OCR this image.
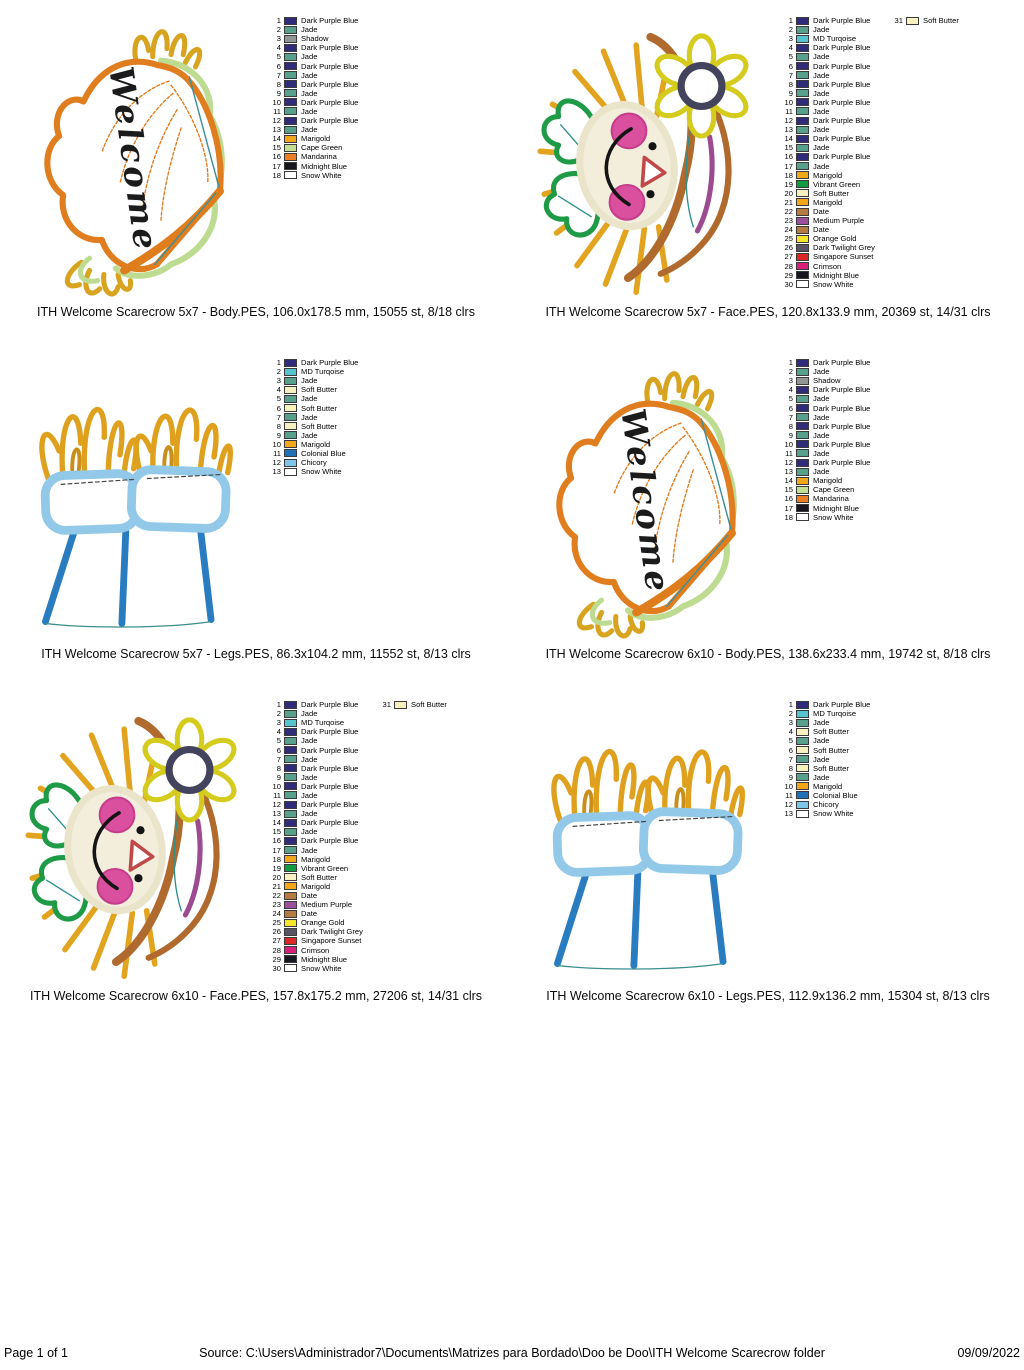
Welcome
1	Dark Purple Blue
2	Jade
3	Shadow
4	Dark Purple Blue
5	Jade
6	Dark Purple Blue
7	Jade
8	Dark Purple Blue
9	Jade
10	Dark Purple Blue
11	Jade
12	Dark Purple Blue
13	Jade
14	Marigold
15	Cape Green
16	Mandarina
17	Midnight Blue
18	Snow White
ITH Welcome Scarecrow 5x7 - Body.PES, 106.0x178.5 mm, 15055 st, 8/18 clrs
1	Dark Purple Blue
2	Jade
3	MD Turqoise
4	Dark Purple Blue
5	Jade
6	Dark Purple Blue
7	Jade
8	Dark Purple Blue
9	Jade
10	Dark Purple Blue
11	Jade
12	Dark Purple Blue
13	Jade
14	Dark Purple Blue
15	Jade
16	Dark Purple Blue
17	Jade
18	Marigold
19	Vibrant Green
20	Soft Butter
21	Marigold
22	Date
23	Medium Purple
24	Date
25	Orange Gold
26	Dark Twilight Grey
27	Singapore Sunset
28	Crimson
29	Midnight Blue
30	Snow White
31	Soft Butter
ITH Welcome Scarecrow 5x7 - Face.PES, 120.8x133.9 mm, 20369 st, 14/31 clrs
1	Dark Purple Blue
2	MD Turqoise
3	Jade
4	Soft Butter
5	Jade
6	Soft Butter
7	Jade
8	Soft Butter
9	Jade
10	Marigold
11	Colonial Blue
12	Chicory
13	Snow White
ITH Welcome Scarecrow 5x7 - Legs.PES, 86.3x104.2 mm, 11552 st, 8/13 clrs
Welcome
1	Dark Purple Blue
2	Jade
3	Shadow
4	Dark Purple Blue
5	Jade
6	Dark Purple Blue
7	Jade
8	Dark Purple Blue
9	Jade
10	Dark Purple Blue
11	Jade
12	Dark Purple Blue
13	Jade
14	Marigold
15	Cape Green
16	Mandarina
17	Midnight Blue
18	Snow White
ITH Welcome Scarecrow 6x10 - Body.PES, 138.6x233.4 mm, 19742 st, 8/18 clrs
1	Dark Purple Blue
2	Jade
3	MD Turqoise
4	Dark Purple Blue
5	Jade
6	Dark Purple Blue
7	Jade
8	Dark Purple Blue
9	Jade
10	Dark Purple Blue
11	Jade
12	Dark Purple Blue
13	Jade
14	Dark Purple Blue
15	Jade
16	Dark Purple Blue
17	Jade
18	Marigold
19	Vibrant Green
20	Soft Butter
21	Marigold
22	Date
23	Medium Purple
24	Date
25	Orange Gold
26	Dark Twilight Grey
27	Singapore Sunset
28	Crimson
29	Midnight Blue
30	Snow White
31	Soft Butter
ITH Welcome Scarecrow 6x10 - Face.PES, 157.8x175.2 mm, 27206 st, 14/31 clrs
1	Dark Purple Blue
2	MD Turqoise
3	Jade
4	Soft Butter
5	Jade
6	Soft Butter
7	Jade
8	Soft Butter
9	Jade
10	Marigold
11	Colonial Blue
12	Chicory
13	Snow White
ITH Welcome Scarecrow 6x10 - Legs.PES, 112.9x136.2 mm, 15304 st, 8/13 clrs
Page 1 of 1	Source: C:\Users\Administrador7\Documents\Matrizes para Bordado\Doo be Doo\ITH Welcome Scarecrow folder	09/09/2022
